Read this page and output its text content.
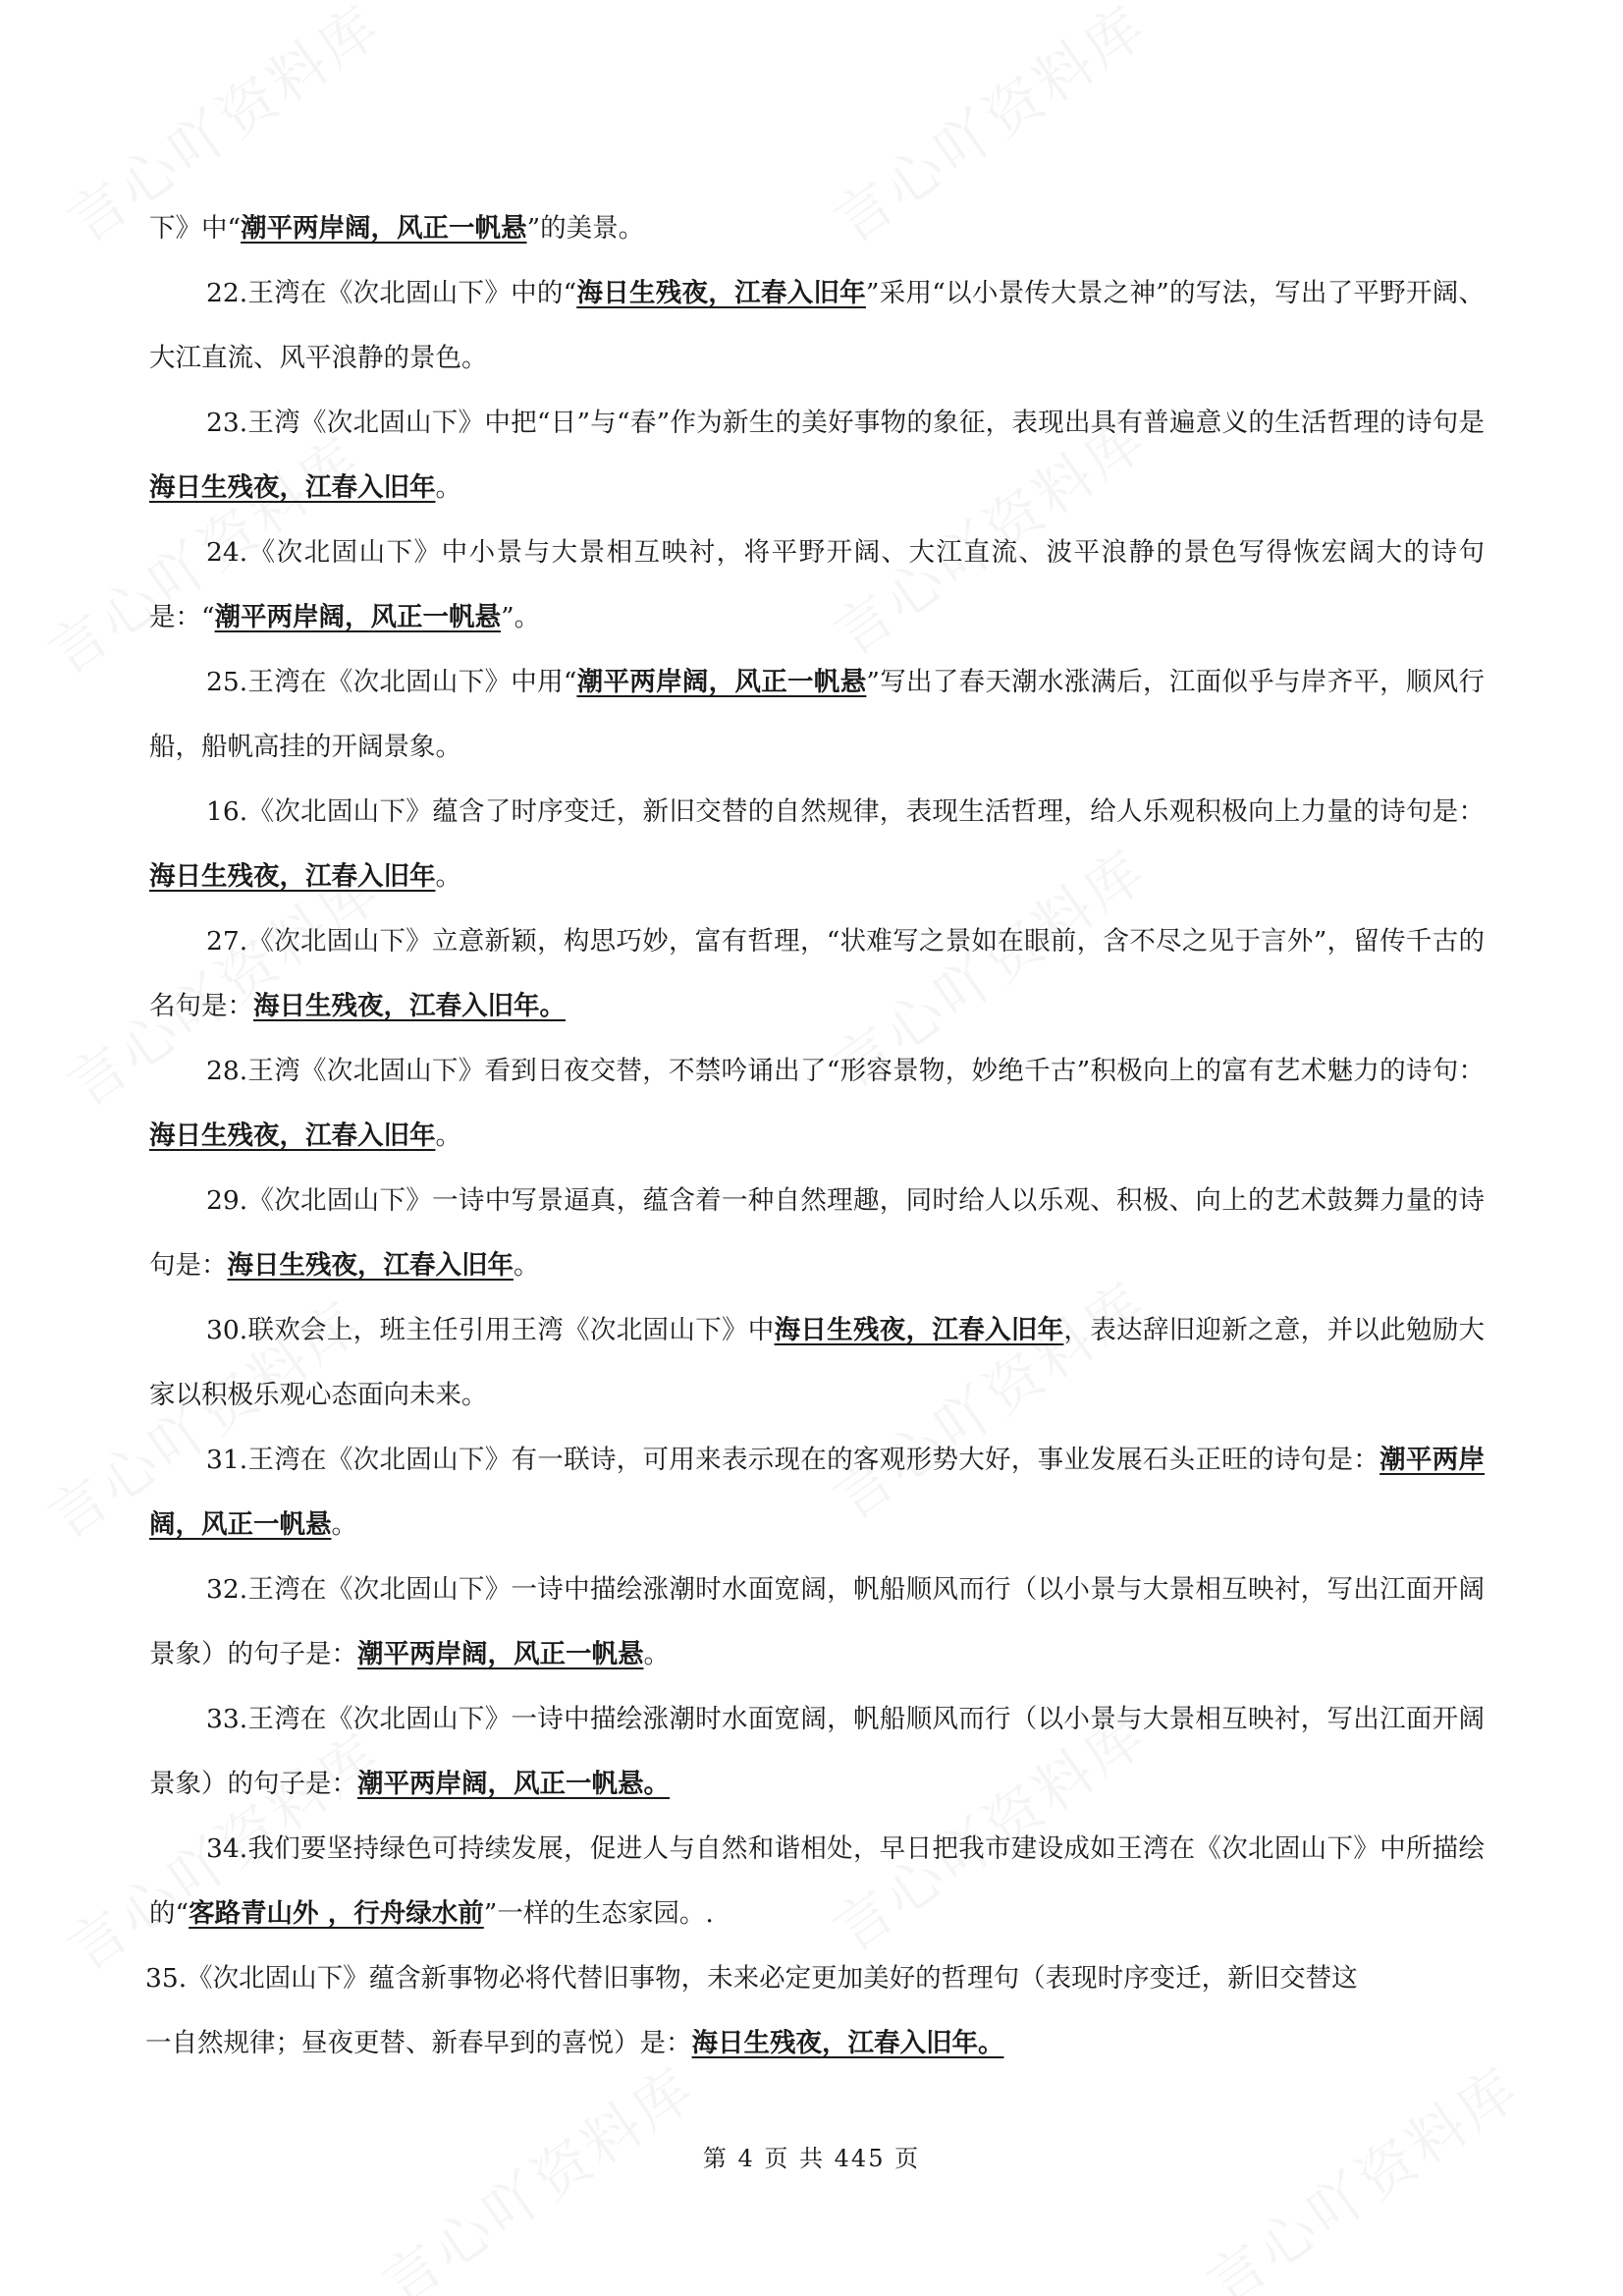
下》中“潮平两岸阔，风正一帆悬”的美景。

22.王湾在《次北固山下》中的“海日生残夜，江春入旧年”采用“以小景传大景之神”的写法，写出了平野开阔、大江直流、风平浪静的景色。

23.王湾《次北固山下》中把“日”与“春”作为新生的美好事物的象征，表现出具有普遍意义的生活哲理的诗句是海日生残夜，江春入旧年。

24.《次北固山下》中小景与大景相互映衬，将平野开阔、大江直流、波平浪静的景色写得恢宏阔大的诗句是：“潮平两岸阔，风正一帆悬”。

25.王湾在《次北固山下》中用“潮平两岸阔，风正一帆悬”写出了春天潮水涨满后，江面似乎与岸齐平，顺风行船，船帆高挂的开阔景象。

16.《次北固山下》蕴含了时序变迁，新旧交替的自然规律，表现生活哲理，给人乐观积极向上力量的诗句是：海日生残夜，江春入旧年。

27.《次北固山下》立意新颖，构思巧妙，富有哲理，“状难写之景如在眼前，含不尽之见于言外”，留传千古的名句是：海日生残夜，江春入旧年。

28.王湾《次北固山下》看到日夜交替，不禁吟诵出了“形容景物，妙绝千古”积极向上的富有艺术魅力的诗句：海日生残夜，江春入旧年。

29.《次北固山下》一诗中写景逼真，蕴含着一种自然理趣，同时给人以乐观、积极、向上的艺术鼓舞力量的诗句是：海日生残夜，江春入旧年。

30.联欢会上，班主任引用王湾《次北固山下》中海日生残夜，江春入旧年，表达辞旧迎新之意，并以此勉励大家以积极乐观心态面向未来。

31.王湾在《次北固山下》有一联诗，可用来表示现在的客观形势大好，事业发展石头正旺的诗句是：潮平两岸阔，风正一帆悬。

32.王湾在《次北固山下》一诗中描绘涨潮时水面宽阔，帆船顺风而行（以小景与大景相互映衬，写出江面开阔景象）的句子是：潮平两岸阔，风正一帆悬。

33.王湾在《次北固山下》一诗中描绘涨潮时水面宽阔，帆船顺风而行（以小景与大景相互映衬，写出江面开阔景象）的句子是：潮平两岸阔，风正一帆悬。

34.我们要坚持绿色可持续发展，促进人与自然和谐相处，早日把我市建设成如王湾在《次北固山下》中所描绘的“客路青山外 ，行舟绿水前”一样的生态家园。.

35.《次北固山下》蕴含新事物必将代替旧事物，未来必定更加美好的哲理句（表现时序变迁，新旧交替这
一自然规律；昼夜更替、新春早到的喜悦）是：海日生残夜，江春入旧年。

第 4 页 共 445 页
